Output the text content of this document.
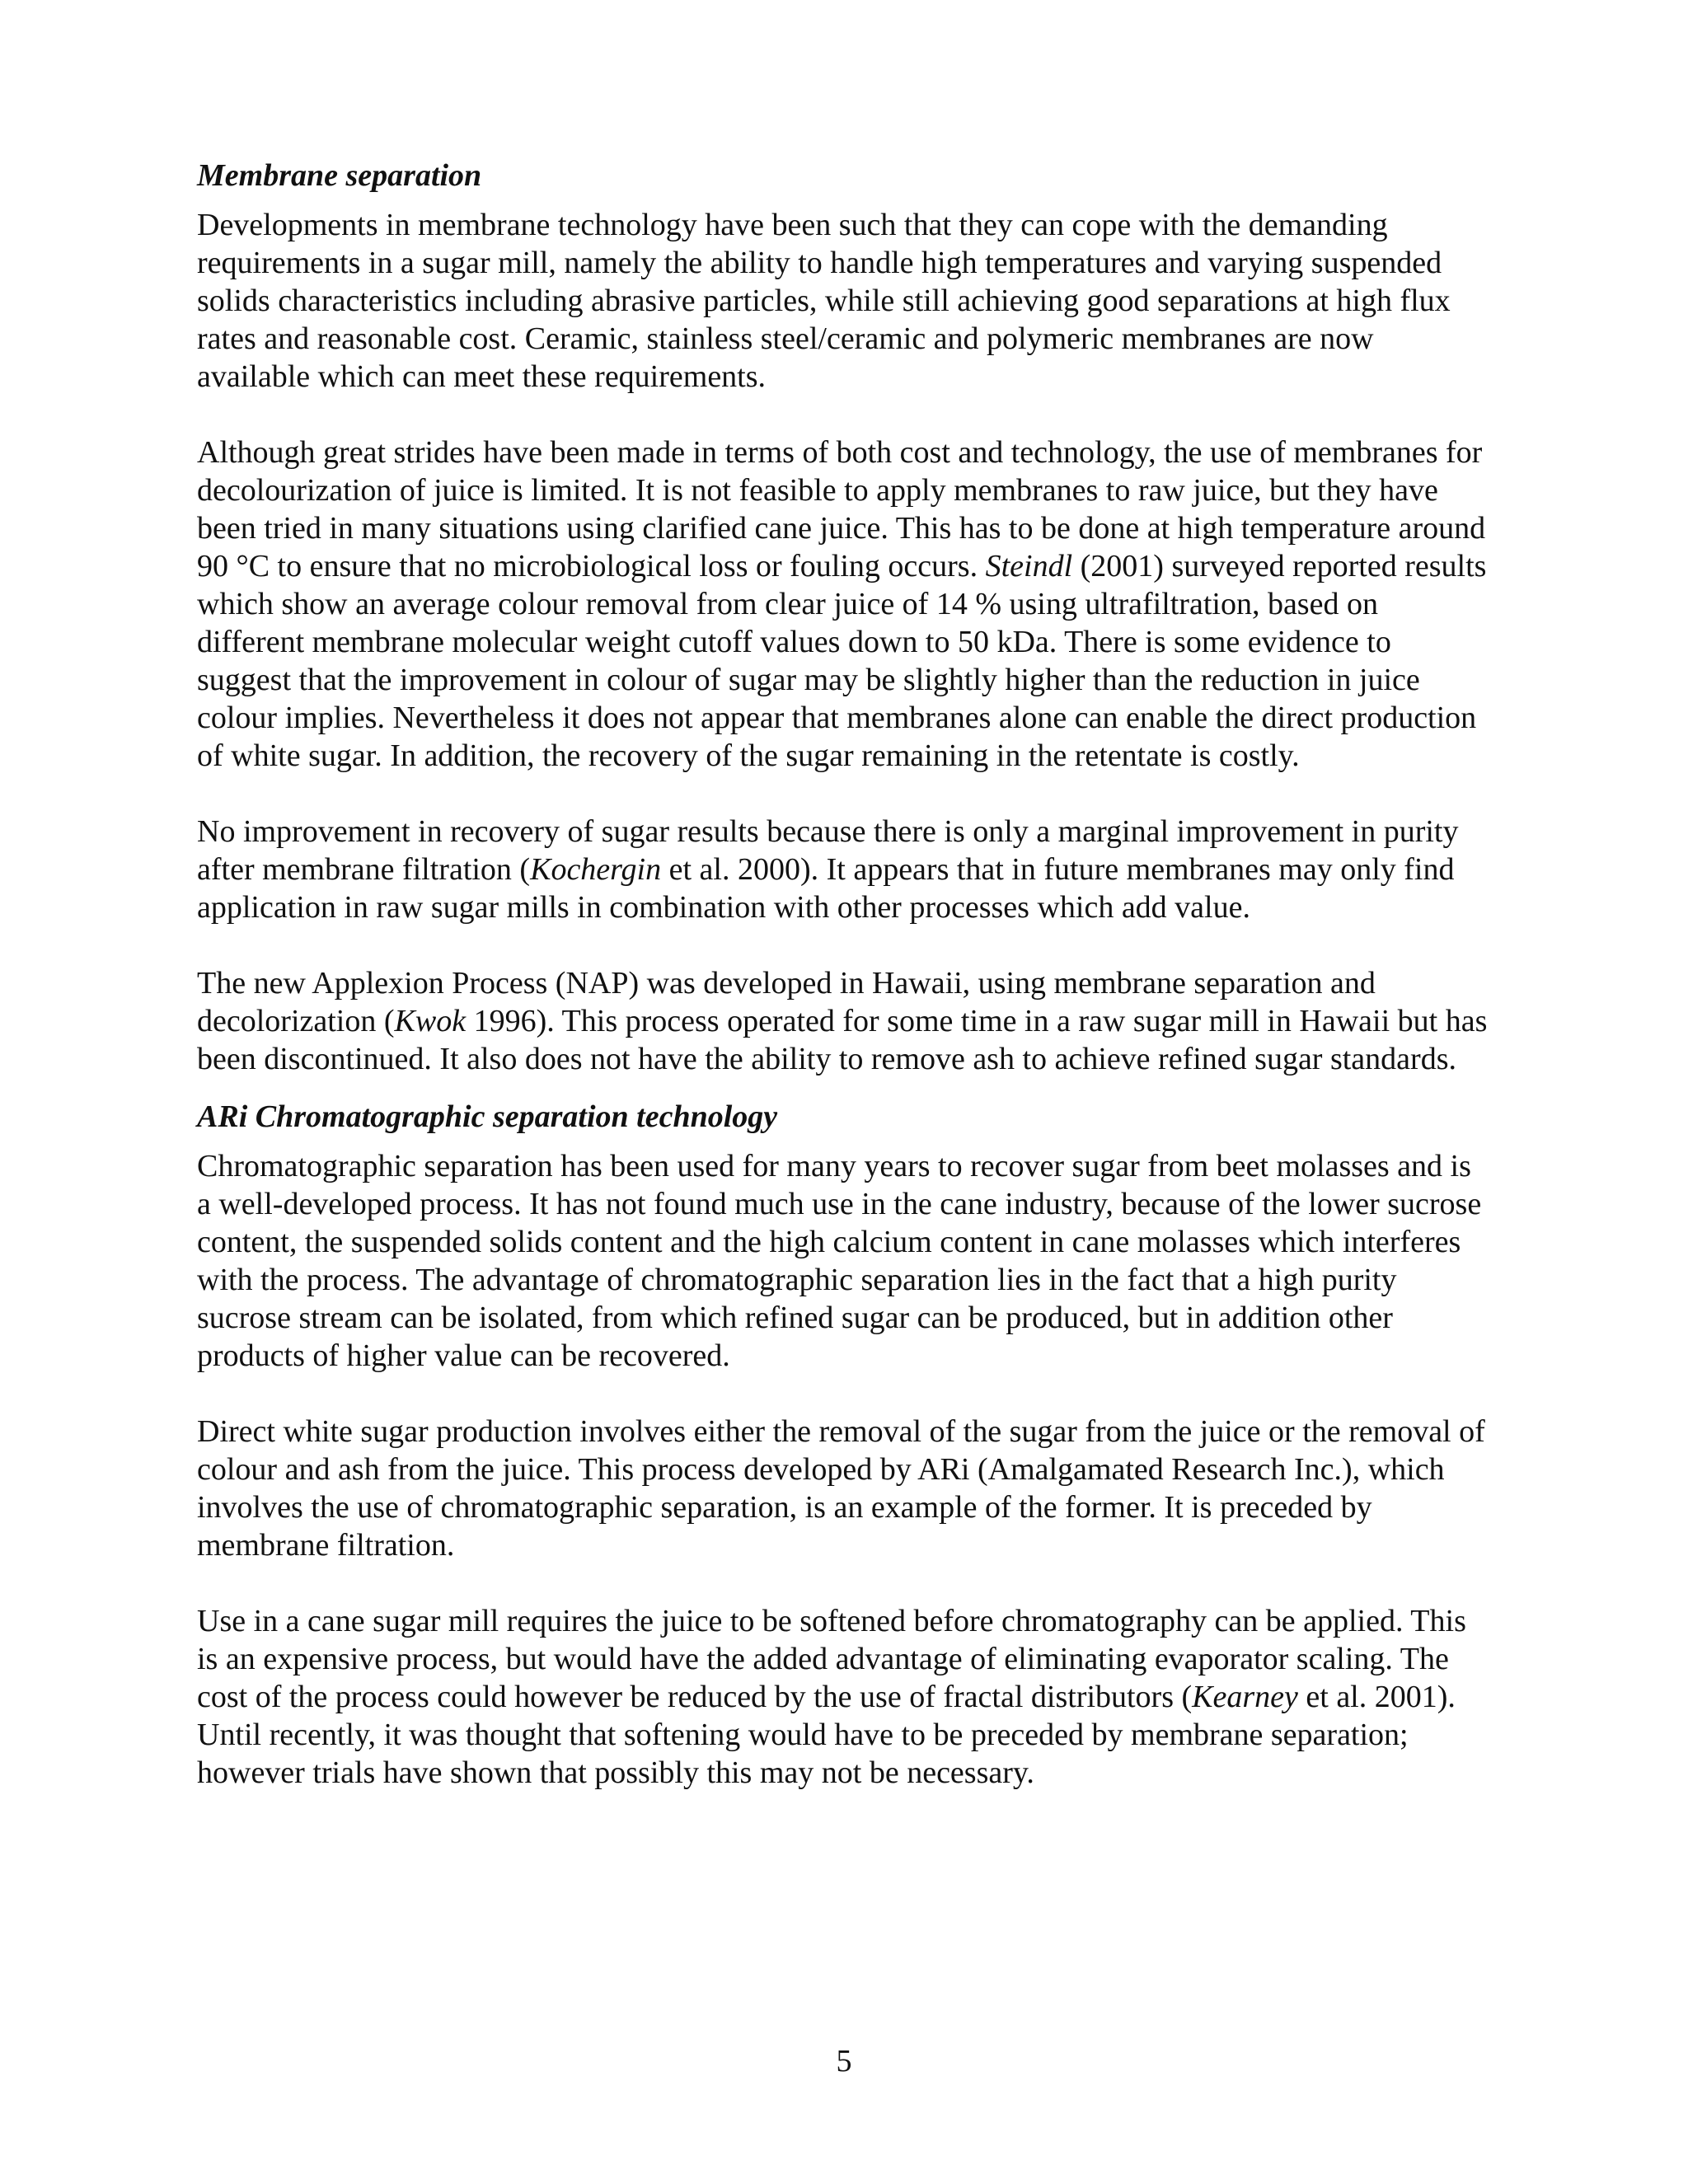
Membrane separation

Developments in membrane technology have been such that they can cope with the demanding requirements in a sugar mill, namely the ability to handle high temperatures and varying suspended solids characteristics including abrasive particles, while still achieving good separations at high flux rates and reasonable cost. Ceramic, stainless steel/ceramic and polymeric membranes are now available which can meet these requirements.

Although great strides have been made in terms of both cost and technology, the use of membranes for decolourization of juice is limited. It is not feasible to apply membranes to raw juice, but they have been tried in many situations using clarified cane juice. This has to be done at high temperature around 90 °C to ensure that no microbiological loss or fouling occurs. Steindl (2001) surveyed reported results which show an average colour removal from clear juice of 14 % using ultrafiltration, based on different membrane molecular weight cutoff values down to 50 kDa. There is some evidence to suggest that the improvement in colour of sugar may be slightly higher than the reduction in juice colour implies. Nevertheless it does not appear that membranes alone can enable the direct production of white sugar. In addition, the recovery of the sugar remaining in the retentate is costly.

No improvement in recovery of sugar results because there is only a marginal improvement in purity after membrane filtration (Kochergin et al. 2000). It appears that in future membranes may only find application in raw sugar mills in combination with other processes which add value.

The new Applexion Process (NAP) was developed in Hawaii, using membrane separation and decolorization (Kwok 1996). This process operated for some time in a raw sugar mill in Hawaii but has been discontinued. It also does not have the ability to remove ash to achieve refined sugar standards.

ARi Chromatographic separation technology

Chromatographic separation has been used for many years to recover sugar from beet molasses and is a well-developed process. It has not found much use in the cane industry, because of the lower sucrose content, the suspended solids content and the high calcium content in cane molasses which interferes with the process. The advantage of chromatographic separation lies in the fact that a high purity sucrose stream can be isolated, from which refined sugar can be produced, but in addition other products of higher value can be recovered.

Direct white sugar production involves either the removal of the sugar from the juice or the removal of colour and ash from the juice. This process developed by ARi (Amalgamated Research Inc.), which involves the use of chromatographic separation, is an example of the former. It is preceded by membrane filtration.

Use in a cane sugar mill requires the juice to be softened before chromatography can be applied. This is an expensive process, but would have the added advantage of eliminating evaporator scaling. The cost of the process could however be reduced by the use of fractal distributors (Kearney et al. 2001). Until recently, it was thought that softening would have to be preceded by membrane separation; however trials have shown that possibly this may not be necessary.

5
